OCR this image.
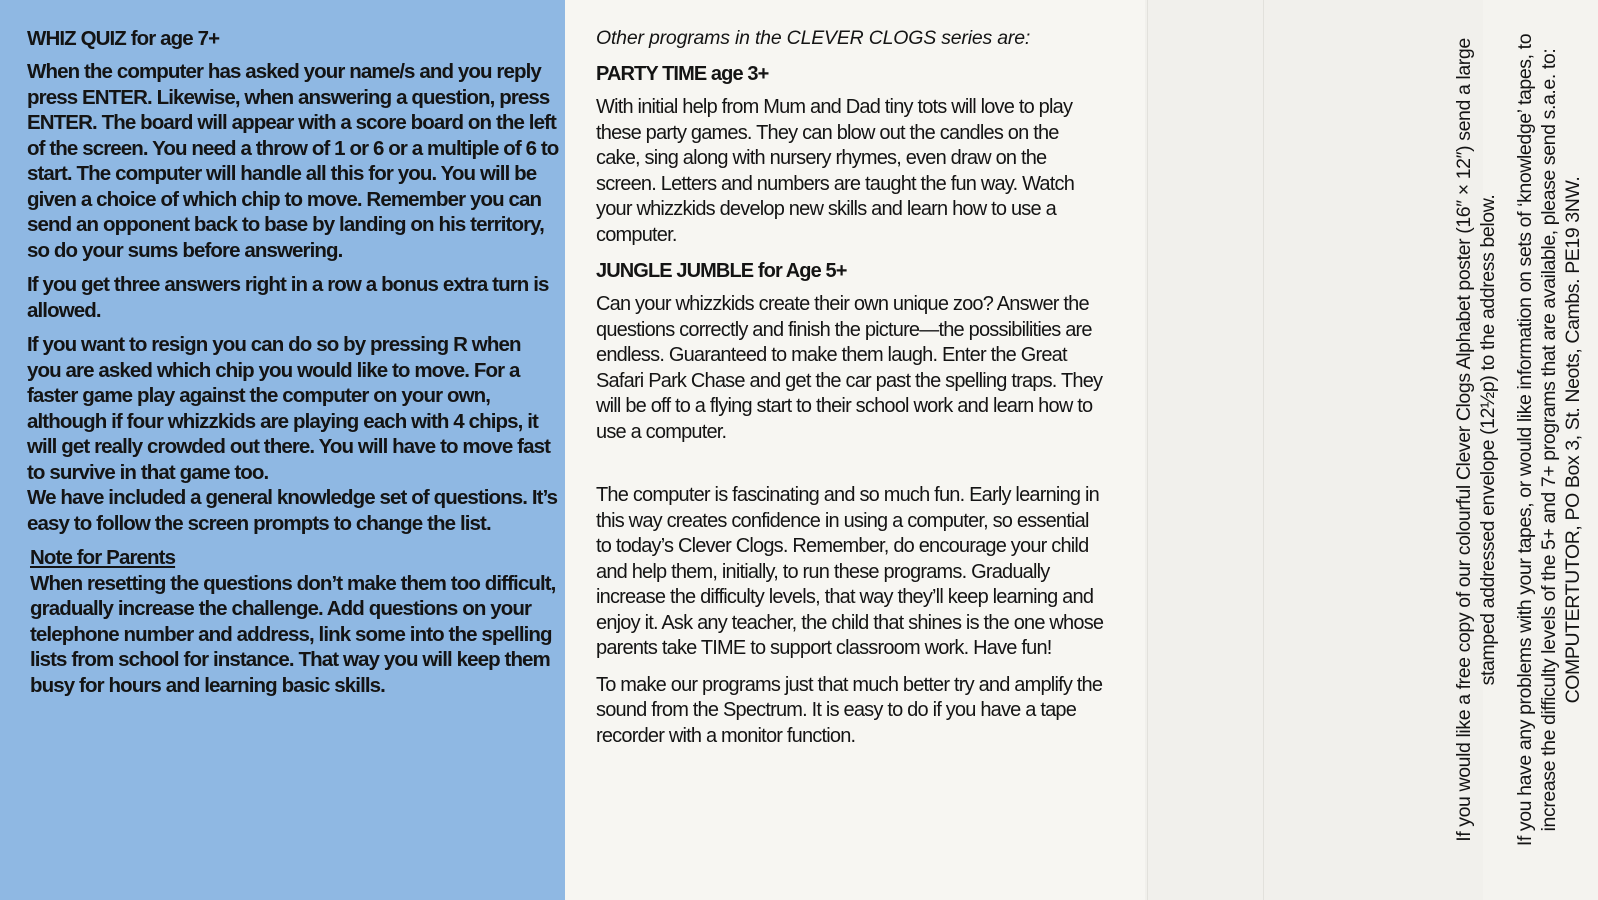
WHIZ QUIZ for age 7+

When the computer has asked your name/s and you reply press ENTER. Likewise, when answering a question, press ENTER. The board will appear with a score board on the left of the screen. You need a throw of 1 or 6 or a multiple of 6 to start. The computer will handle all this for you. You will be given a choice of which chip to move. Remember you can send an opponent back to base by landing on his territory, so do your sums before answering.

If you get three answers right in a row a bonus extra turn is allowed.

If you want to resign you can do so by pressing R when you are asked which chip you would like to move. For a faster game play against the computer on your own, although if four whizzkids are playing each with 4 chips, it will get really crowded out there. You will have to move fast to survive in that game too.

We have included a general knowledge set of questions. It’s easy to follow the screen prompts to change the list.

Note for Parents

When resetting the questions don’t make them too difficult, gradually increase the challenge. Add questions on your telephone number and address, link some into the spelling lists from school for instance. That way you will keep them busy for hours and learning basic skills.

Other programs in the CLEVER CLOGS series are:
PARTY TIME age 3+

With initial help from Mum and Dad tiny tots will love to play these party games. They can blow out the candles on the cake, sing along with nursery rhymes, even draw on the screen. Letters and numbers are taught the fun way. Watch your whizzkids develop new skills and learn how to use a computer.

JUNGLE JUMBLE for Age 5+

Can your whizzkids create their own unique zoo? Answer the questions correctly and finish the picture—the possibilities are endless. Guaranteed to make them laugh. Enter the Great Safari Park Chase and get the car past the spelling traps. They will be off to a flying start to their school work and learn how to use a computer.

The computer is fascinating and so much fun. Early learning in this way creates confidence in using a computer, so essential to today’s Clever Clogs. Remember, do encourage your child and help them, initially, to run these programs. Gradually increase the difficulty levels, that way they’ll keep learning and enjoy it. Ask any teacher, the child that shines is the one whose parents take TIME to support classroom work. Have fun!

To make our programs just that much better try and amplify the sound from the Spectrum. It is easy to do if you have a tape recorder with a monitor function.	If you would like a free copy of our colourful Clever Clogs Alphabet poster (16″ × 12″) send a large stamped addressed envelope (12½p) to the address below. If you have any problems with your tapes, or would like information on sets of ‘knowledge’ tapes, to increase the difficulty levels of the 5+ and 7+ programs that are available, please send s.a.e. to: COMPUTERTUTOR, PO Box 3, St. Neots, Cambs. PE19 3NW.
